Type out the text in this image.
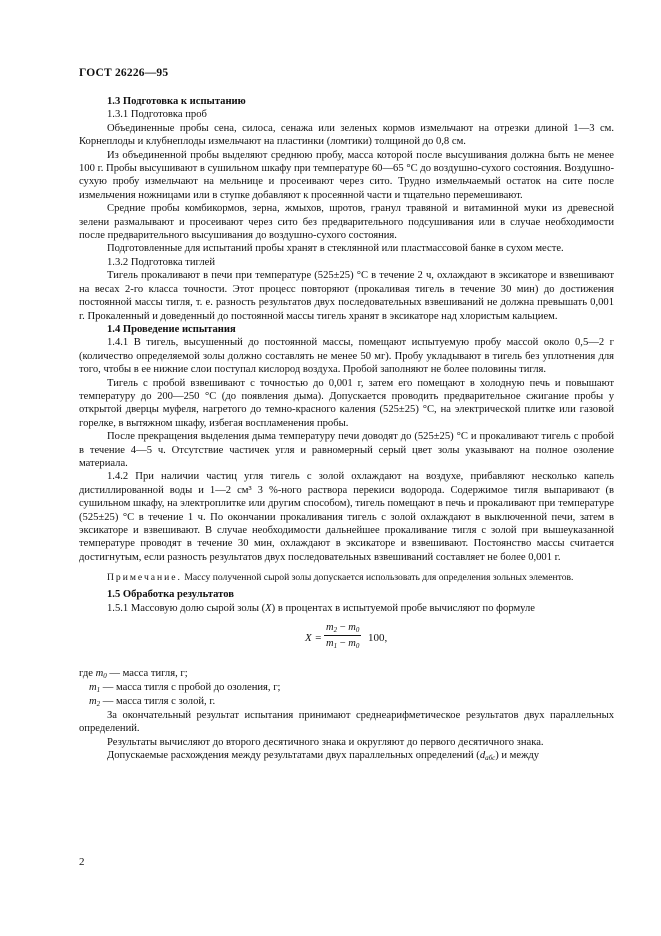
ГОСТ 26226—95

1.3 Подготовка к испытанию

1.3.1 Подготовка проб

Объединенные пробы сена, силоса, сенажа или зеленых кормов измельчают на отрезки длиной 1—3 см. Корнеплоды и клубнеплоды измельчают на пластинки (ломтики) толщиной до 0,8 см.

Из объединенной пробы выделяют среднюю пробу, масса которой после высушивания должна быть не менее 100 г. Пробы высушивают в сушильном шкафу при температуре 60—65 °С до воздушно-сухого состояния. Воздушно-сухую пробу измельчают на мельнице и просеивают через сито. Трудно измельчаемый остаток на сите после измельчения ножницами или в ступке добавляют к просеянной части и тщательно перемешивают.

Средние пробы комбикормов, зерна, жмыхов, шротов, гранул травяной и витаминной муки из древесной зелени размалывают и просеивают через сито без предварительного подсушивания или в случае необходимости после предварительного высушивания до воздушно-сухого состояния.

Подготовленные для испытаний пробы хранят в стеклянной или пластмассовой банке в сухом месте.

1.3.2 Подготовка тиглей

Тигель прокаливают в печи при температуре (525±25) °С в течение 2 ч, охлаждают в эксикаторе и взвешивают на весах 2-го класса точности. Этот процесс повторяют (прокаливая тигель в течение 30 мин) до достижения постоянной массы тигля, т. е. разность результатов двух последовательных взвешиваний не должна превышать 0,001 г. Прокаленный и доведенный до постоянной массы тигель хранят в эксикаторе над хлористым кальцием.

1.4 Проведение испытания

1.4.1 В тигель, высушенный до постоянной массы, помещают испытуемую пробу массой около 0,5—2 г (количество определяемой золы должно составлять не менее 50 мг). Пробу укладывают в тигель без уплотнения для того, чтобы в ее нижние слои поступал кислород воздуха. Пробой заполняют не более половины тигля.

Тигель с пробой взвешивают с точностью до 0,001 г, затем его помещают в холодную печь и повышают температуру до 200—250 °С (до появления дыма). Допускается проводить предварительное сжигание пробы у открытой дверцы муфеля, нагретого до темно-красного каления (525±25) °С, на электрической плитке или газовой горелке, в вытяжном шкафу, избегая воспламенения пробы.

После прекращения выделения дыма температуру печи доводят до (525±25) °С и прокаливают тигель с пробой в течение 4—5 ч. Отсутствие частичек угля и равномерный серый цвет золы указывают на полное озоление материала.

1.4.2 При наличии частиц угля тигель с золой охлаждают на воздухе, прибавляют несколько капель дистиллированной воды и 1—2 см³ 3 %-ного раствора перекиси водорода. Содержимое тигля выпаривают (в сушильном шкафу, на электроплитке или другим способом), тигель помещают в печь и прокаливают при температуре (525±25) °С в течение 1 ч. По окончании прокаливания тигель с золой охлаждают в выключенной печи, затем в эксикаторе и взвешивают. В случае необходимости дальнейшее прокаливание тигля с золой при вышеуказанной температуре проводят в течение 30 мин, охлаждают в эксикаторе и взвешивают. Постоянство массы считается достигнутым, если разность результатов двух последовательных взвешиваний составляет не более 0,001 г.

Примечание. Массу полученной сырой золы допускается использовать для определения зольных элементов.

1.5 Обработка результатов

1.5.1 Массовую долю сырой золы (X) в процентах в испытуемой пробе вычисляют по формуле

$X = \frac{m_2 - m_0}{m_1 - m_0} 100$,

где $m_0$ — масса тигля, г;

$m_1$ — масса тигля с пробой до озоления, г;

$m_2$ — масса тигля с золой, г.

За окончательный результат испытания принимают среднеарифметическое результатов двух параллельных определений.

Результаты вычисляют до второго десятичного знака и округляют до первого десятичного знака.

Допускаемые расхождения между результатами двух параллельных определений $(d_{абс})$ и между

2
